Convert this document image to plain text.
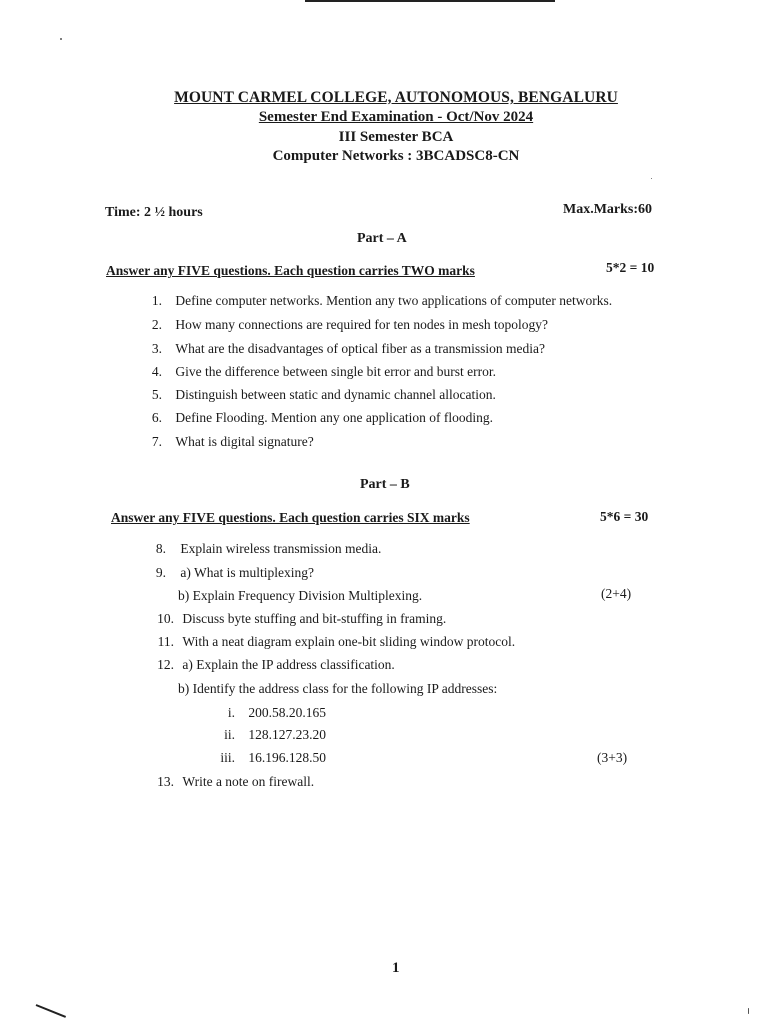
MOUNT CARMEL COLLEGE, AUTONOMOUS, BENGALURU
Semester End Examination - Oct/Nov 2024
III Semester BCA
Computer Networks : 3BCADSC8-CN
Time: 2 ½ hours	Max.Marks:60
Part – A
Answer any FIVE questions. Each question carries TWO marks	5*2 = 10
1. Define computer networks. Mention any two applications of computer networks.
2. How many connections are required for ten nodes in mesh topology?
3. What are the disadvantages of optical fiber as a transmission media?
4. Give the difference between single bit error and burst error.
5. Distinguish between static and dynamic channel allocation.
6. Define Flooding. Mention any one application of flooding.
7. What is digital signature?
Part – B
Answer any FIVE questions. Each question carries SIX marks	5*6 = 30
8. Explain wireless transmission media.
9. a) What is multiplexing?
b) Explain Frequency Division Multiplexing.	(2+4)
10. Discuss byte stuffing and bit-stuffing in framing.
11. With a neat diagram explain one-bit sliding window protocol.
12. a) Explain the IP address classification.
b) Identify the address class for the following IP addresses:
i. 200.58.20.165
ii. 128.127.23.20
iii. 16.196.128.50	(3+3)
13. Write a note on firewall.
1
